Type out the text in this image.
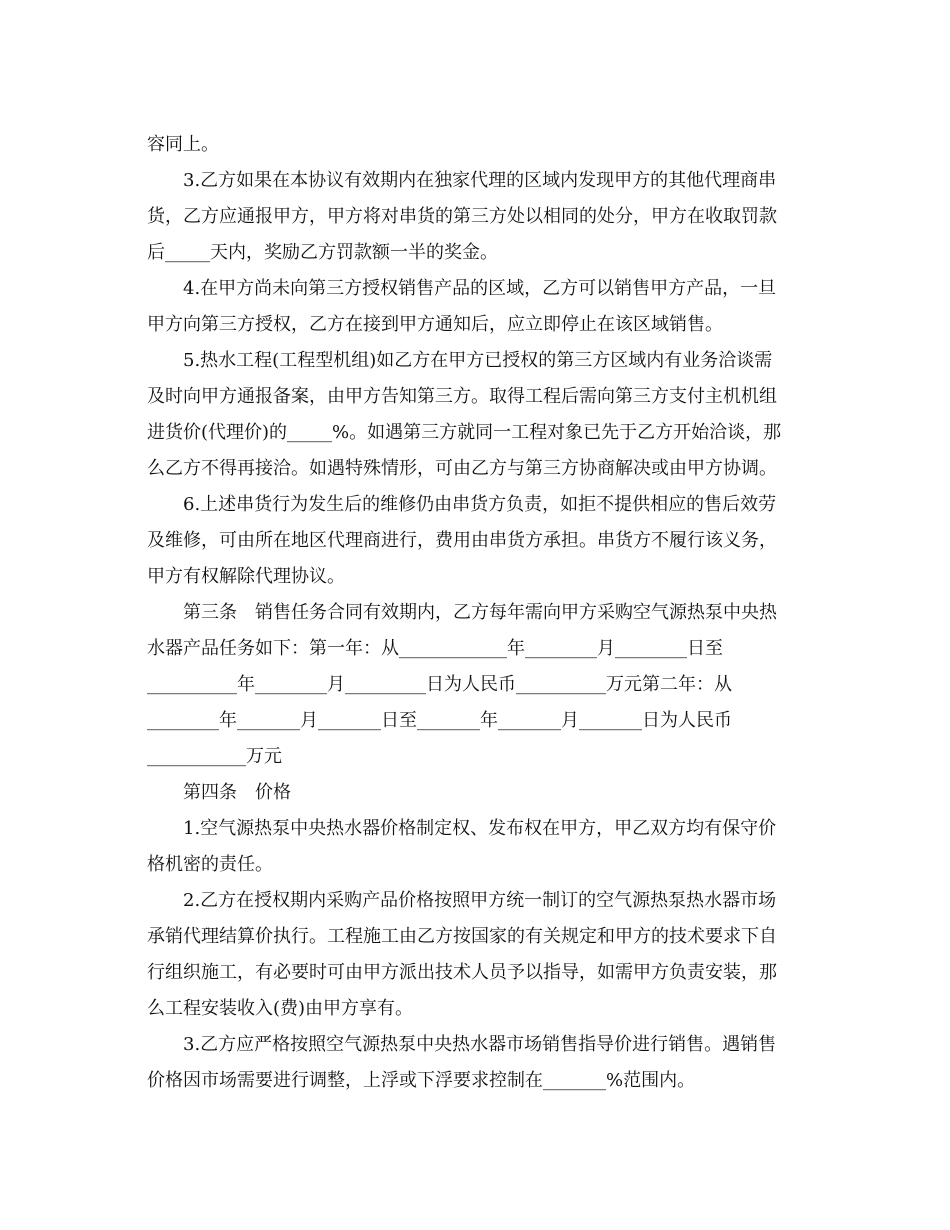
容同上。
3.乙方如果在本协议有效期内在独家代理的区域内发现甲方的其他代理商串
货，乙方应通报甲方，甲方将对串货的第三方处以相同的处分，甲方在收取罚款
后_____天内，奖励乙方罚款额一半的奖金。
4.在甲方尚未向第三方授权销售产品的区域，乙方可以销售甲方产品，一旦
甲方向第三方授权，乙方在接到甲方通知后，应立即停止在该区域销售。
5.热水工程(工程型机组)如乙方在甲方已授权的第三方区域内有业务洽谈需
及时向甲方通报备案，由甲方告知第三方。取得工程后需向第三方支付主机机组
进货价(代理价)的_____%。如遇第三方就同一工程对象已先于乙方开始洽谈，那
么乙方不得再接洽。如遇特殊情形，可由乙方与第三方协商解决或由甲方协调。
6.上述串货行为发生后的维修仍由串货方负责，如拒不提供相应的售后效劳
及维修，可由所在地区代理商进行，费用由串货方承担。串货方不履行该义务，
甲方有权解除代理协议。
第三条　销售任务合同有效期内，乙方每年需向甲方采购空气源热泵中央热
水器产品任务如下：第一年：从____________年________月________日至
__________年________月_________日为人民币__________万元第二年：从
________年_______月_______日至_______年_______月_______日为人民币
___________万元
第四条　价格
1.空气源热泵中央热水器价格制定权、发布权在甲方，甲乙双方均有保守价
格机密的责任。
2.乙方在授权期内采购产品价格按照甲方统一制订的空气源热泵热水器市场
承销代理结算价执行。工程施工由乙方按国家的有关规定和甲方的技术要求下自
行组织施工，有必要时可由甲方派出技术人员予以指导，如需甲方负责安装，那
么工程安装收入(费)由甲方享有。
3.乙方应严格按照空气源热泵中央热水器市场销售指导价进行销售。遇销售
价格因市场需要进行调整，上浮或下浮要求控制在_______%范围内。
